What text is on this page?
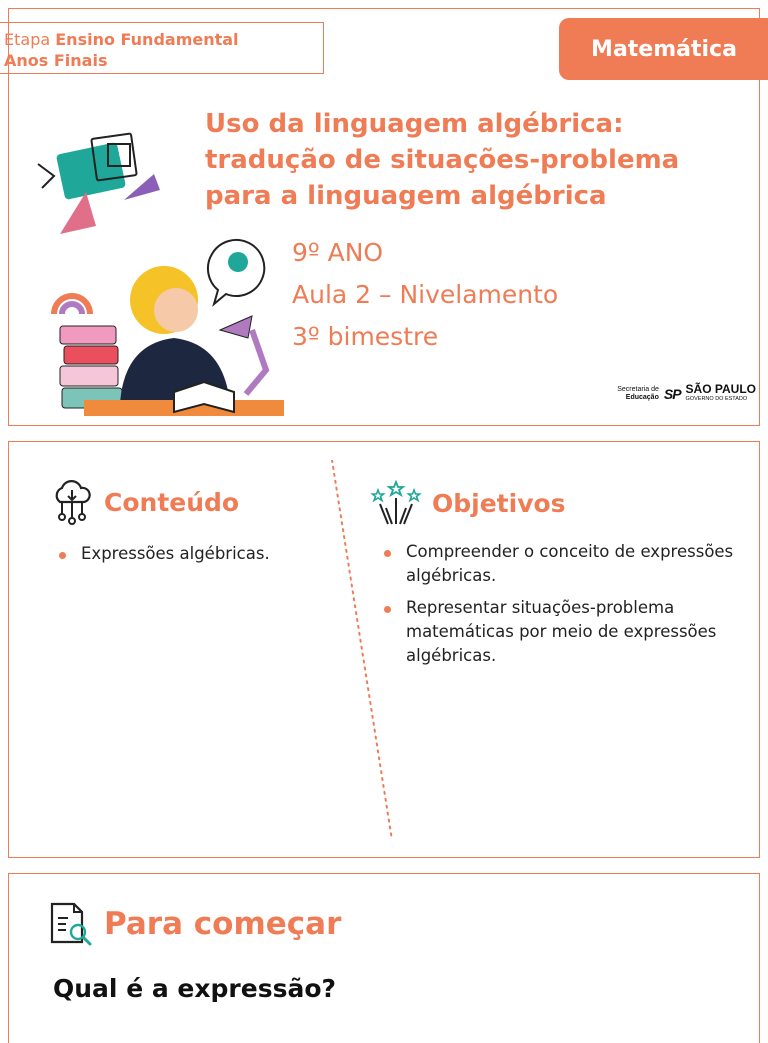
Etapa Ensino Fundamental
Anos Finais	Matemática
Uso da linguagem algébrica:
tradução de situações-problema
para a linguagem algébrica
9º ANO
Aula 2 – Nivelamento
3º bimestre
Secretaria de
Educação SP SÃO PAULO
GOVERNO DO ESTADO
Conteúdo
Expressões algébricas.
Objetivos
Compreender o conceito de expressões algébricas.
Representar situações-problema matemáticas por meio de expressões algébricas.
Para começar
Qual é a expressão?
